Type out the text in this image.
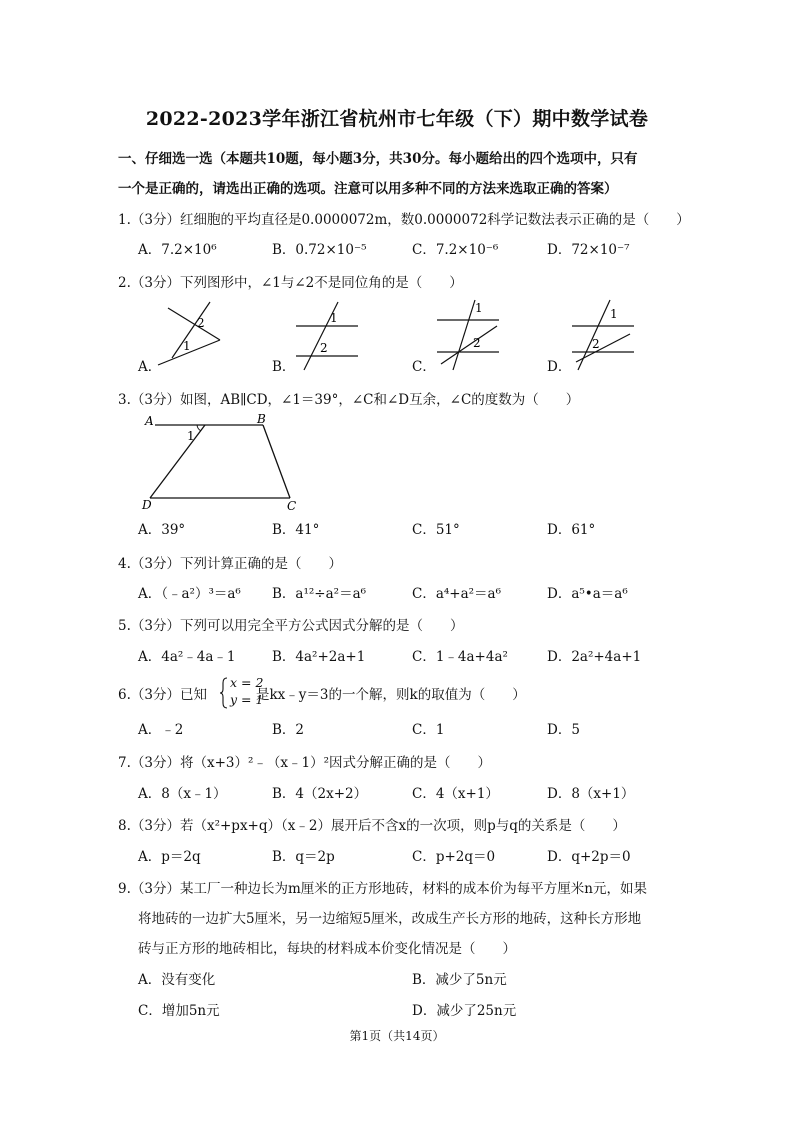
2022-2023学年浙江省杭州市七年级（下）期中数学试卷
一、仔细选一选（本题共10题，每小题3分，共30分。每小题给出的四个选项中，只有
一个是正确的，请选出正确的选项。注意可以用多种不同的方法来选取正确的答案）
1.（3分）红细胞的平均直径是0.0000072m，数0.0000072科学记数法表示正确的是（　　）
A．7.2×10⁶	B．0.72×10⁻⁵	C．7.2×10⁻⁶	D．72×10⁻⁷
2.（3分）下列图形中，∠1与∠2不是同位角的是（　　）
2
1
A．
1
2
B．
1
2
C．
1
2
D．
3.（3分）如图，AB∥CD，∠1＝39°，∠C和∠D互余，∠C的度数为（　　）
A	B
D	C
1
A．39°	B．41°	C．51°	D．61°
4.（3分）下列计算正确的是（　　）
A．（﹣a²）³＝a⁶ B．a¹²÷a²＝a⁶	C．a⁴+a²＝a⁶	D．a⁵•a＝a⁶
5.（3分）下列可以用完全平方公式因式分解的是（　　）
A．4a²﹣4a﹣1	B．4a²+2a+1	C．1﹣4a+4a²	D．2a²+4a+1
6.（3分）已知
x = 2
y = 1
是kx﹣y＝3的一个解，则k的取值为（　　）
A．﹣2	B．2	C．1	D．5
7.（3分）将（x+3）²﹣（x﹣1）²因式分解正确的是（　　）
A．8（x﹣1）	B．4（2x+2）	C．4（x+1）	D．8（x+1）
8.（3分）若（x²+px+q）（x﹣2）展开后不含x的一次项，则p与q的关系是（　　）
A．p＝2q	B．q＝2p	C．p+2q＝0	D．q+2p＝0
9.（3分）某工厂一种边长为m厘米的正方形地砖，材料的成本价为每平方厘米n元，如果
将地砖的一边扩大5厘米，另一边缩短5厘米，改成生产长方形的地砖，这种长方形地
砖与正方形的地砖相比，每块的材料成本价变化情况是（　　）
A．没有变化	B．减少了5n元
C．增加5n元	D．减少了25n元
第1页（共14页）
